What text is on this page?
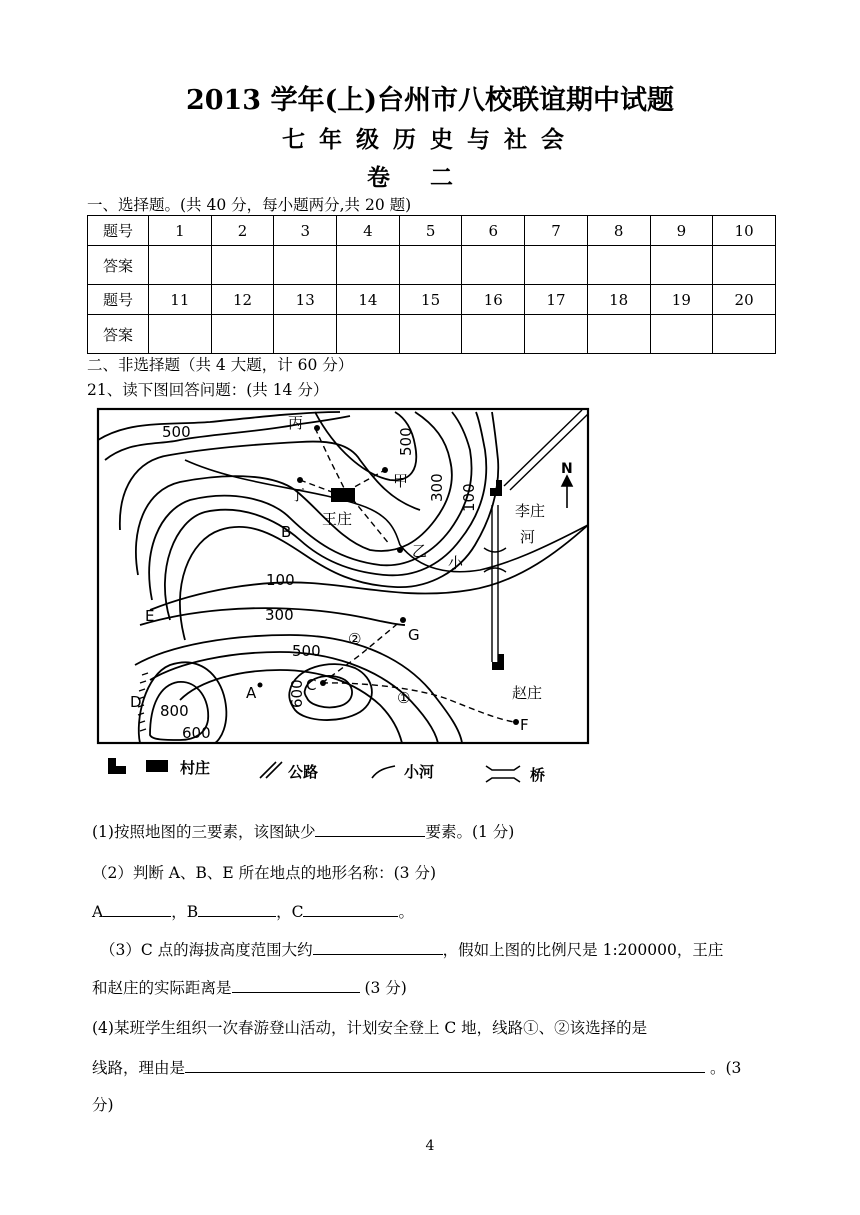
2013 学年(上)台州市八校联谊期中试题
七年级历史与社会
卷二
一、选择题。(共 40 分，每小题两分,共 20 题)
题号	1	2	3	4	5	6	7	8	9	10
答案										
题号	11	12	13	14	15	16	17	18	19	20
答案										
二、非选择题（共 4 大题，计 60 分）
21、读下图回答问题：(共 14 分）
500	500
300 100
100
300
500
600
800
600
丙
甲
丁
王庄
乙
B
李庄
河
小
E
G
②
C
A	①
D	赵庄
F
N
村庄	公路	小河	桥
(1)按照地图的三要素，该图缺少	要素。(1 分)
（2）判断 A、B、E 所在地点的地形名称：(3 分)
A	，B	，C	。
（3）C 点的海拔高度范围大约	，假如上图的比例尺是 1:200000，王庄
和赵庄的实际距离是	(3 分)
(4)某班学生组织一次春游登山活动，计划安全登上 C 地，线路①、②该选择的是
线路，理由是	。(3
分)
4
